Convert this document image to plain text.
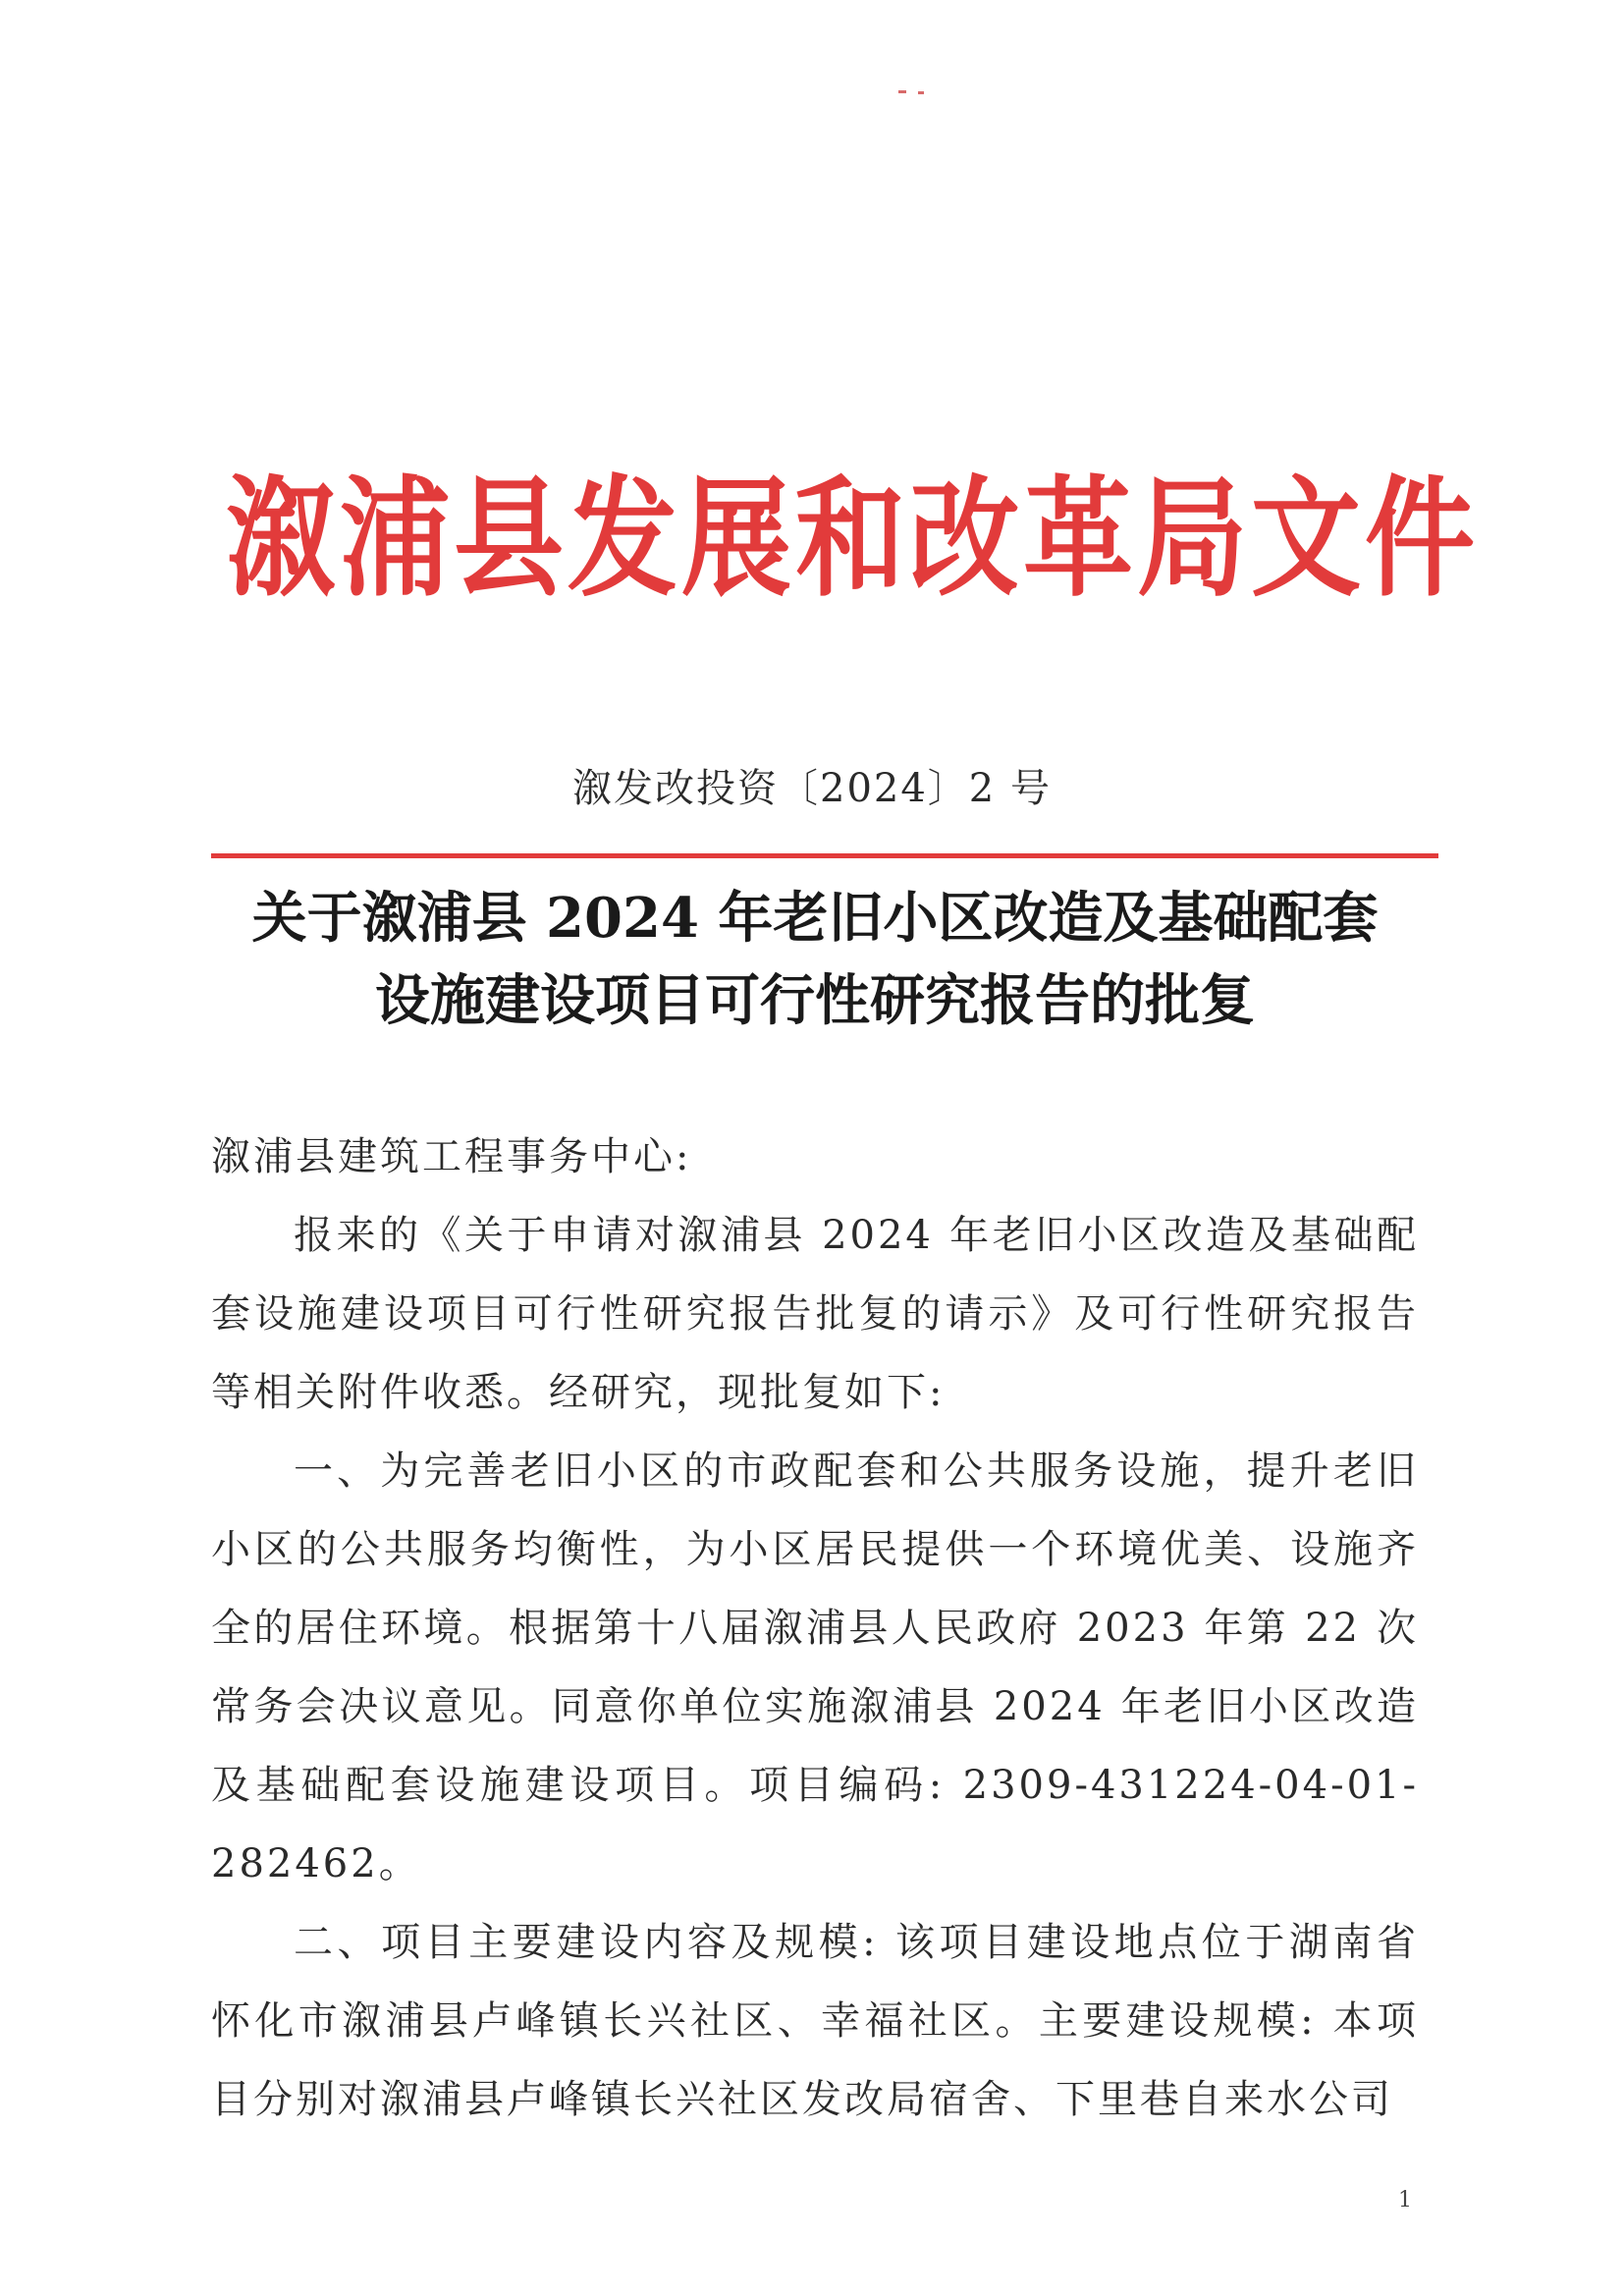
溆浦县发展和改革局文件
溆发改投资〔2024〕2 号
关于溆浦县 2024 年老旧小区改造及基础配套
设施建设项目可行性研究报告的批复

溆浦县建筑工程事务中心:

报来的《关于申请对溆浦县 2024 年老旧小区改造及基础配套设施建设项目可行性研究报告批复的请示》及可行性研究报告等相关附件收悉。经研究，现批复如下:

一、为完善老旧小区的市政配套和公共服务设施，提升老旧小区的公共服务均衡性，为小区居民提供一个环境优美、设施齐全的居住环境。根据第十八届溆浦县人民政府 2023 年第 22 次常务会决议意见。同意你单位实施溆浦县 2024 年老旧小区改造及基础配套设施建设项目。项目编码: 2309-431224-04-01-282462。

二、项目主要建设内容及规模: 该项目建设地点位于湖南省怀化市溆浦县卢峰镇长兴社区、幸福社区。主要建设规模: 本项目分别对溆浦县卢峰镇长兴社区发改局宿舍、下里巷自来水公司

1
